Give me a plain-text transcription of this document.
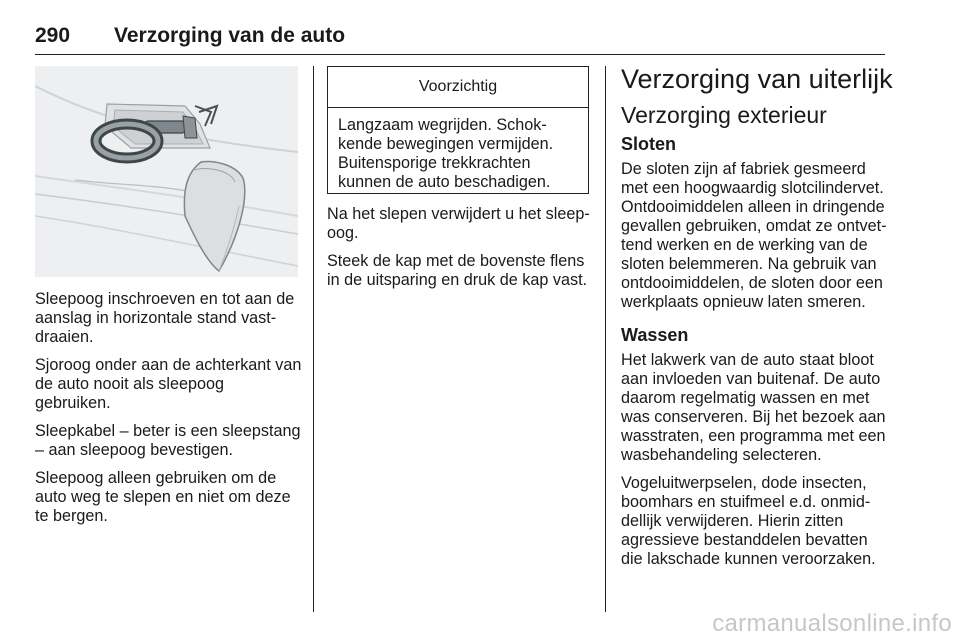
290 Verzorging van de auto

Sleepoog inschroeven en tot aan de aanslag in horizontale stand vast-draaien.

Sjoroog onder aan de achterkant van de auto nooit als sleepoog gebruiken.

Sleepkabel – beter is een sleepstang – aan sleepoog bevestigen.

Sleepoog alleen gebruiken om de auto weg te slepen en niet om deze te bergen.

Voorzichtig
Langzaam wegrijden. Schok-kende bewegingen vermijden. Buitensporige trekkrachten kunnen de auto beschadigen.

Na het slepen verwijdert u het sleep-oog.

Steek de kap met de bovenste flens in de uitsparing en druk de kap vast.

Verzorging van uiterlijk
Verzorging exterieur
Sloten

De sloten zijn af fabriek gesmeerd met een hoogwaardig slotcilindervet. Ontdooimiddelen alleen in dringende gevallen gebruiken, omdat ze ontvet-tend werken en de werking van de sloten belemmeren. Na gebruik van ontdooimiddelen, de sloten door een werkplaats opnieuw laten smeren.

Wassen

Het lakwerk van de auto staat bloot aan invloeden van buitenaf. De auto daarom regelmatig wassen en met was conserveren. Bij het bezoek aan wasstraten, een programma met een wasbehandeling selecteren.

Vogeluitwerpselen, dode insecten, boomhars en stuifmeel e.d. onmid-dellijk verwijderen. Hierin zitten agressieve bestanddelen bevatten die lakschade kunnen veroorzaken.

carmanualsonline.info
